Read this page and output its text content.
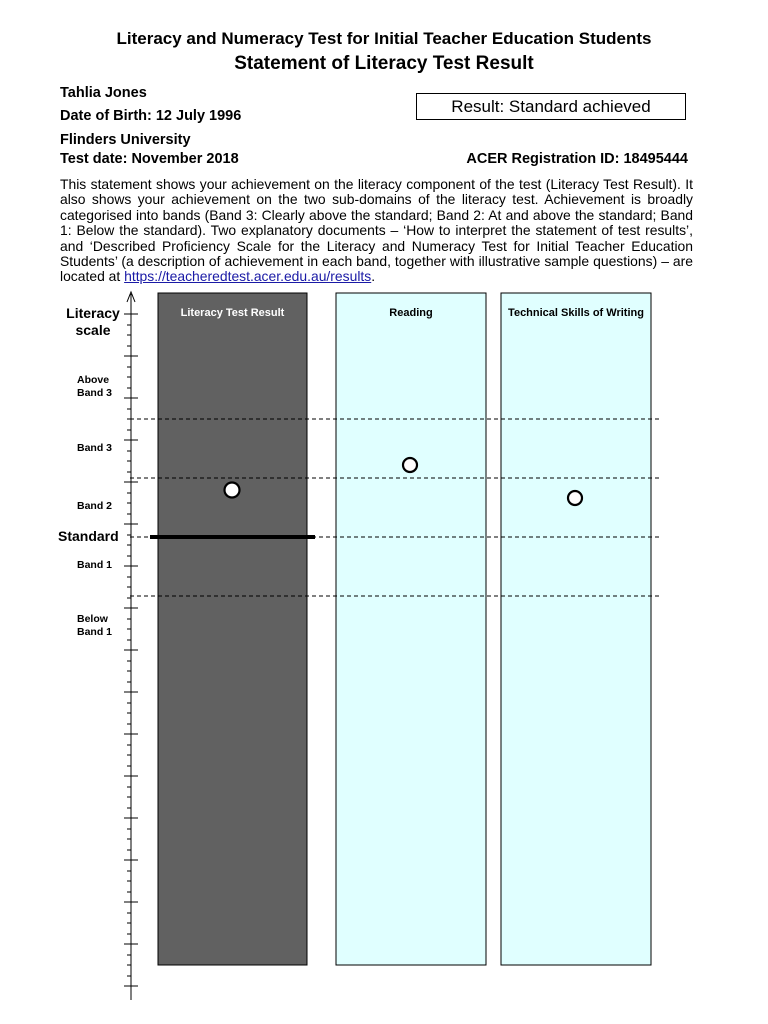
Literacy and Numeracy Test for Initial Teacher Education Students
Statement of Literacy Test Result
Tahlia Jones
Date of Birth: 12 July 1996
Flinders University
Test date: November 2018
Result: Standard achieved
ACER Registration ID: 18495444
This statement shows your achievement on the literacy component of the test (Literacy Test Result). It also shows your achievement on the two sub-domains of the literacy test. Achievement is broadly categorised into bands (Band 3: Clearly above the standard; Band 2: At and above the standard; Band 1: Below the standard). Two explanatory documents – ‘How to interpret the statement of test results’, and ‘Described Proficiency Scale for the Literacy and Numeracy Test for Initial Teacher Education Students’ (a description of achievement in each band, together with illustrative sample questions) – are located at https://teacheredtest.acer.edu.au/results.
Literacy Test Result	Reading	Technical Skills of Writing
Literacy
scale
Above
Band 3
Band 3
Band 2
Standard
Band 1
Below
Band 1
